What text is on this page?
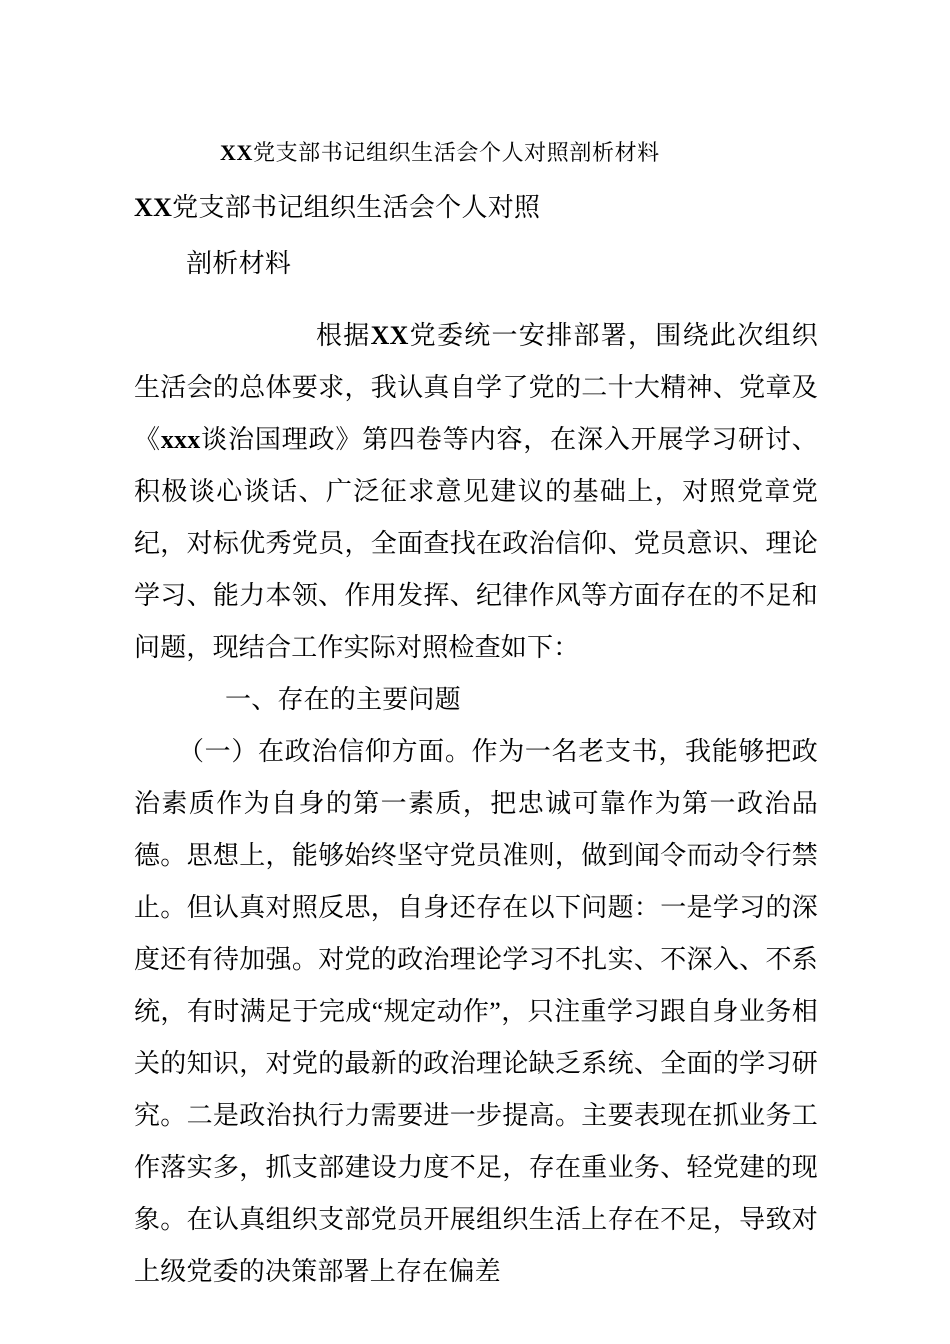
XX党支部书记组织生活会个人对照剖析材料

XX党支部书记组织生活会个人对照

剖析材料

根据XX党委统一安排部署，围绕此次组织生活会的总体要求，我认真自学了党的二十大精神、党章及《xxx谈治国理政》第四卷等内容，在深入开展学习研讨、积极谈心谈话、广泛征求意见建议的基础上，对照党章党纪，对标优秀党员，全面查找在政治信仰、党员意识、理论学习、能力本领、作用发挥、纪律作风等方面存在的不足和问题，现结合工作实际对照检查如下：

一、存在的主要问题

（一）在政治信仰方面。作为一名老支书，我能够把政治素质作为自身的第一素质，把忠诚可靠作为第一政治品德。思想上，能够始终坚守党员准则，做到闻令而动令行禁止。但认真对照反思，自身还存在以下问题：一是学习的深度还有待加强。对党的政治理论学习不扎实、不深入、不系统，有时满足于完成“规定动作”，只注重学习跟自身业务相关的知识，对党的最新的政治理论缺乏系统、全面的学习研究。二是政治执行力需要进一步提高。主要表现在抓业务工作落实多，抓支部建设力度不足，存在重业务、轻党建的现象。在认真组织支部党员开展组织生活上存在不足，导致对上级党委的决策部署上存在偏差
